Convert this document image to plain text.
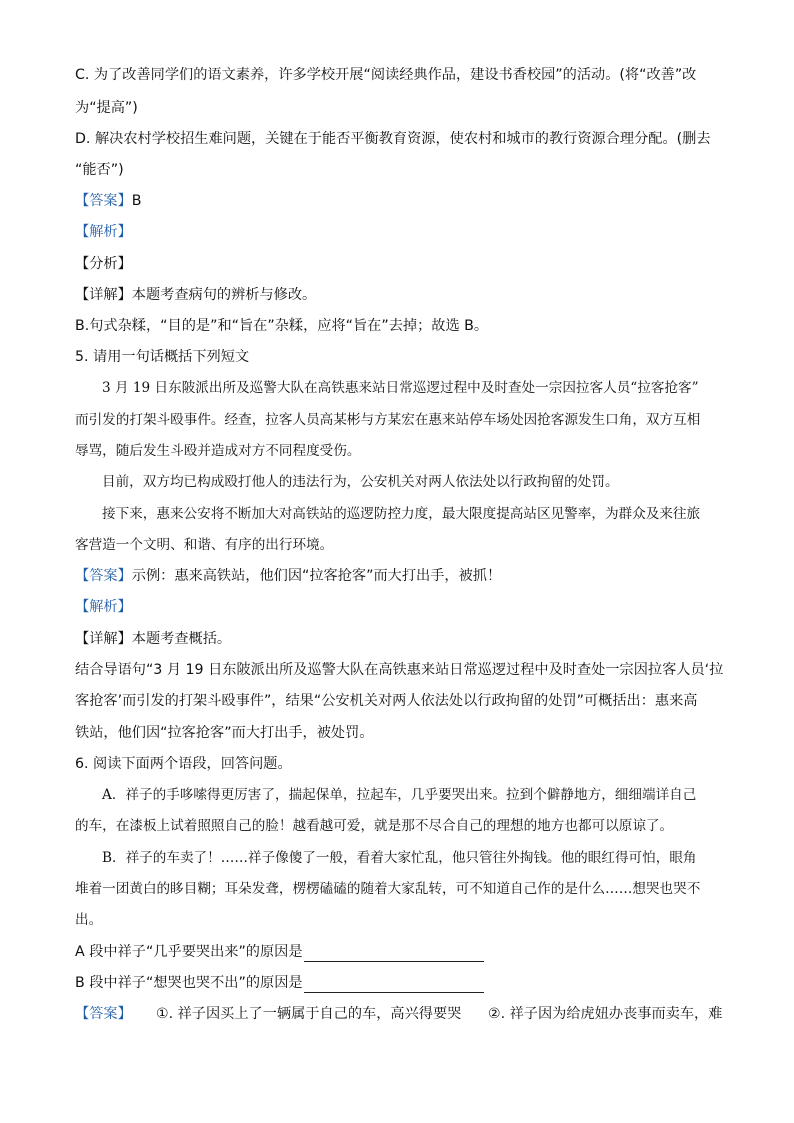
C. 为了改善同学们的语文素养，许多学校开展“阅读经典作品，建设书香校园”的活动。(将“改善”改
为“提高”)
D. 解决农村学校招生难问题，关键在于能否平衡教育资源，使农村和城市的教行资源合理分配。(删去
“能否”)
【答案】B
【解析】
【分析】
【详解】本题考查病句的辨析与修改。
B.句式杂糅，“目的是”和“旨在”杂糅，应将“旨在”去掉；故选 B。
5. 请用一句话概括下列短文
3 月 19 日东陂派出所及巡警大队在高铁惠来站日常巡逻过程中及时查处一宗因拉客人员“拉客抢客”
而引发的打架斗殴事件。经查，拉客人员高某彬与方某宏在惠来站停车场处因抢客源发生口角，双方互相
辱骂，随后发生斗殴并造成对方不同程度受伤。
目前，双方均已构成殴打他人的违法行为，公安机关对两人依法处以行政拘留的处罚。
接下来，惠来公安将不断加大对高铁站的巡逻防控力度，最大限度提高站区见警率，为群众及来往旅
客营造一个文明、和谐、有序的出行环境。
【答案】示例：惠来高铁站，他们因“拉客抢客”而大打出手，被抓！
【解析】
【详解】本题考查概括。
结合导语句“3 月 19 日东陂派出所及巡警大队在高铁惠来站日常巡逻过程中及时查处一宗因拉客人员‘拉
客抢客’而引发的打架斗殴事件”，结果“公安机关对两人依法处以行政拘留的处罚”可概括出：惠来高
铁站，他们因“拉客抢客”而大打出手，被处罚。
6. 阅读下面两个语段，回答问题。
A．祥子的手哆嗦得更厉害了，揣起保单，拉起车，几乎要哭出来。拉到个僻静地方，细细端详自己
的车，在漆板上试着照照自己的脸！越看越可爱，就是那不尽合自己的理想的地方也都可以原谅了。
B．祥子的车卖了！……祥子像傻了一般，看着大家忙乱，他只管往外掏钱。他的眼红得可怕，眼角
堆着一团黄白的眵目糊；耳朵发聋，楞楞磕磕的随着大家乱转，可不知道自己作的是什么……想哭也哭不
出。
A 段中祥子“几乎要哭出来”的原因是
B 段中祥子“想哭也哭不出”的原因是
【答案】 ①. 祥子因买上了一辆属于自己的车，高兴得要哭 ②. 祥子因为给虎妞办丧事而卖车，难
